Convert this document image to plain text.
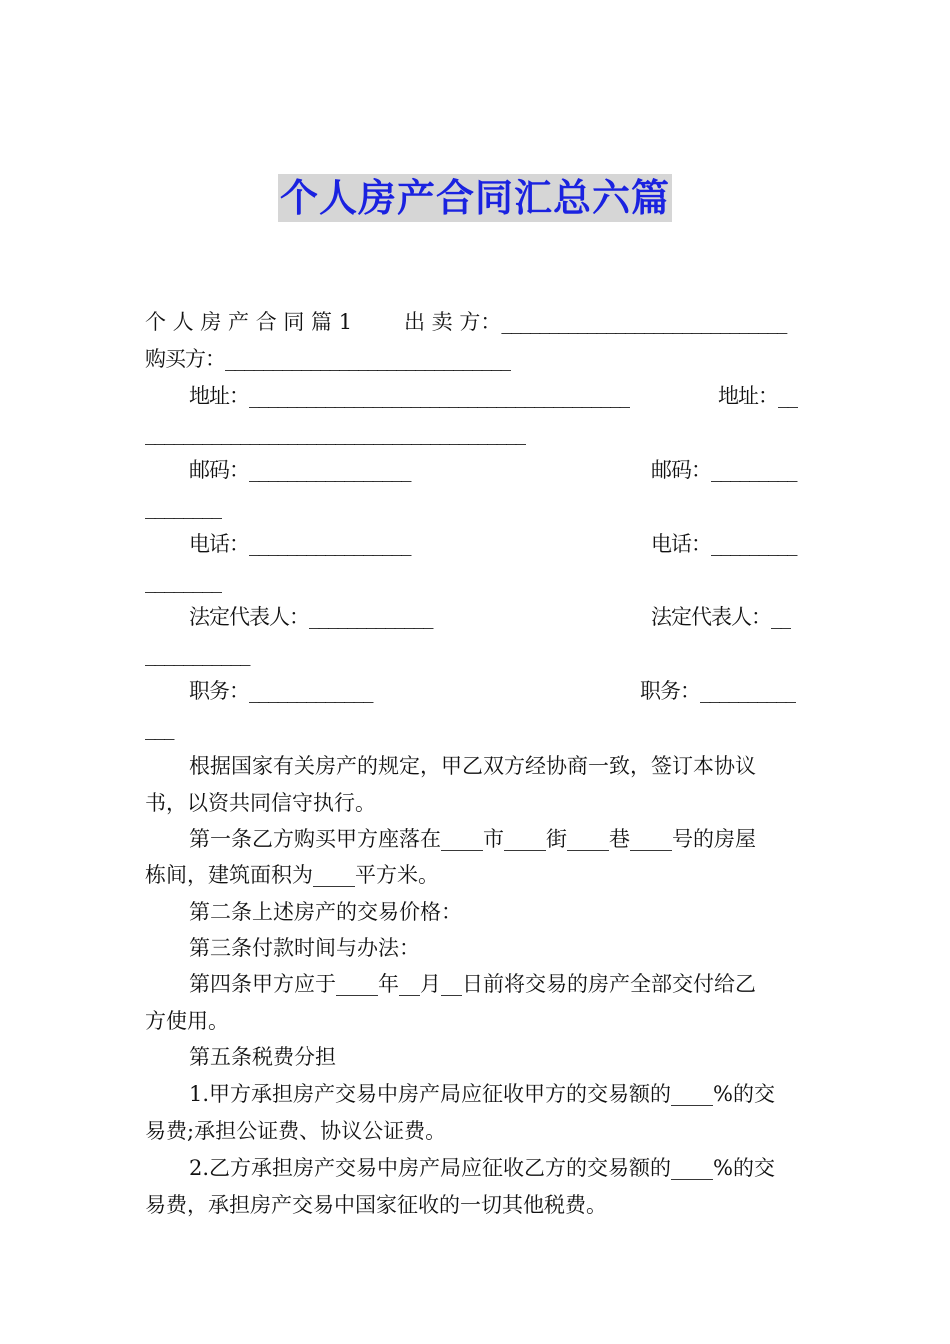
个人房产合同汇总六篇
个 人 房 产 合 同 篇 1 出 卖 方：______________________________
购买方：______________________________
地址：________________________________________	地址：__
________________________________________
邮码：_________________	邮码：_________
________
电话：_________________	电话：_________
________
法定代表人：_____________	法定代表人：__
___________
职务：_____________	职务：__________
___
根据国家有关房产的规定，甲乙双方经协商一致，签订本协议
书，以资共同信守执行。
第一条乙方购买甲方座落在____市____街____巷____号的房屋
栋间，建筑面积为____平方米。
第二条上述房产的交易价格：
第三条付款时间与办法：
第四条甲方应于____年__月__日前将交易的房产全部交付给乙
方使用。
第五条税费分担
1.甲方承担房产交易中房产局应征收甲方的交易额的____%的交
易费;承担公证费、协议公证费。
2.乙方承担房产交易中房产局应征收乙方的交易额的____%的交
易费，承担房产交易中国家征收的一切其他税费。
